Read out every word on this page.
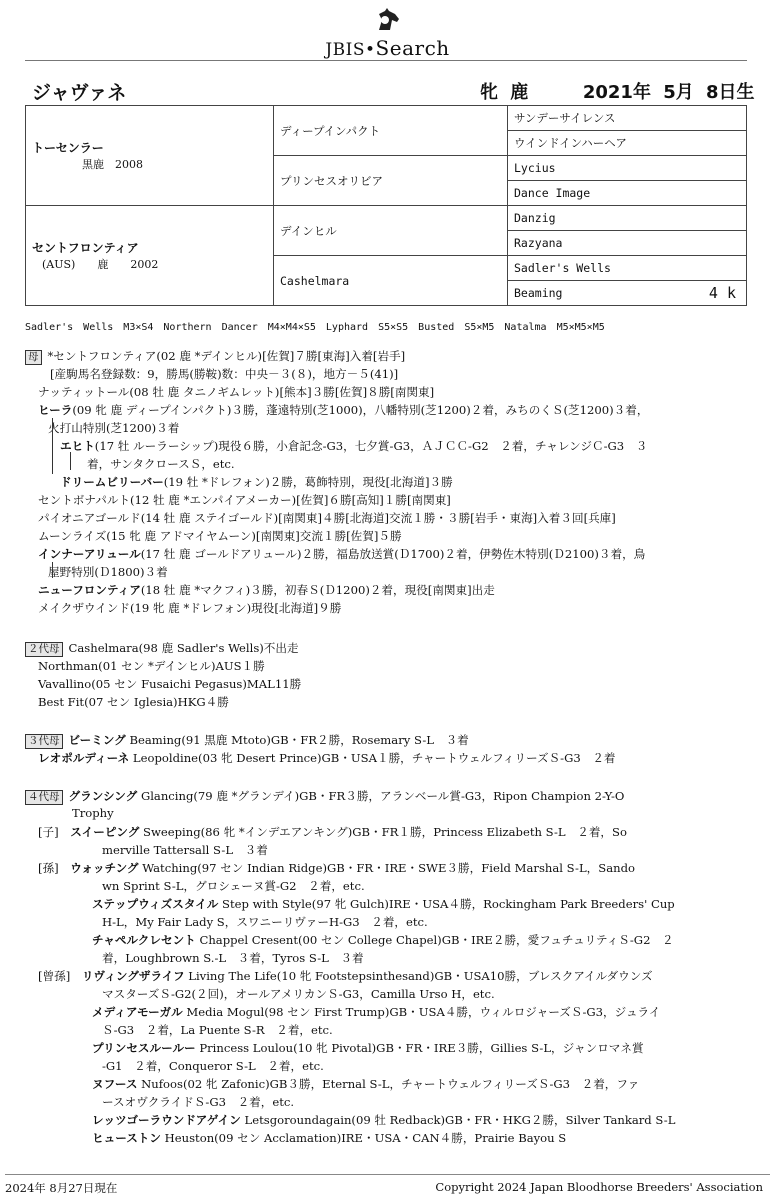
JBIS•Search
ジャヴァネ	牝 鹿	2021年 5月 8日生
トーセンラー
黒鹿　2008	ディープインパクト	サンデーサイレンス
		ウインドインハーヘア
	プリンセスオリビア	Lycius
		Dance Image

セントフロンティア
(AUS)　　鹿　　2002	デインヒル	Danzig
		Razyana
	Cashelmara	Sadler's Wells

		Beaming 4 k
Sadler's Wells M3×S4　Northern Dancer M4×M4×S5　Lyphard S5×S5　Busted S5×M5　Natalma M5×M5×M5
母 *セントフロンティア(02 鹿 *デインヒル)[佐賀]７勝[東海]入着[岩手]
[産駒馬名登録数：9，勝馬(勝鞍)数：中央－３(８)，地方－５(41)]
ナッティットール(08 牡 鹿 タニノギムレット)[熊本]３勝[佐賀]８勝[南関東]
ヒーラ(09 牝 鹿 ディープインパクト)３勝，蓬遠特別(芝1000)，八幡特別(芝1200)２着，みちのくＳ(芝1200)３着，
火打山特別(芝1200)３着
エヒト(17 牡 ルーラーシップ)現役６勝，小倉記念-G3，七夕賞-G3，ＡＪＣＣ-G2　２着，チャレンジＣ-G3　３
着，サンタクロースＳ，etc.
ドリームビリーバー(19 牡 *ドレフォン)２勝，葛飾特別，現役[北海道]３勝
セントボナパルト(12 牡 鹿 *エンパイアメーカー)[佐賀]６勝[高知]１勝[南関東]
パイオニアゴールド(14 牡 鹿 ステイゴールド)[南関東]４勝[北海道]交流１勝・３勝[岩手・東海]入着３回[兵庫]
ムーンライズ(15 牝 鹿 アドマイヤムーン)[南関東]交流１勝[佐賀]５勝
インナーアリュール(17 牡 鹿 ゴールドアリュール)２勝，福島放送賞(Ｄ1700)２着，伊勢佐木特別(Ｄ2100)３着，鳥
屋野特別(Ｄ1800)３着
ニューフロンティア(18 牡 鹿 *マクフィ)３勝，初春Ｓ(Ｄ1200)２着，現役[南関東]出走
メイクザウインド(19 牝 鹿 *ドレフォン)現役[北海道]９勝
２代母 Cashelmara(98 鹿 Sadler's Wells)不出走
Northman(01 セン *デインヒル)AUS１勝
Vavallino(05 セン Fusaichi Pegasus)MAL11勝
Best Fit(07 セン Iglesia)HKG４勝
３代母 ビーミング Beaming(91 黒鹿 Mtoto)GB・FR２勝，Rosemary S-L　３着
レオポルディーネ Leopoldine(03 牝 Desert Prince)GB・USA１勝，チャートウェルフィリーズＳ-G3　２着
４代母 グランシング Glancing(79 鹿 *グランデイ)GB・FR３勝，アランベール賞-G3，Ripon Champion 2-Y-O
Trophy
[子]　スイーピング Sweeping(86 牝 *インデエアンキング)GB・FR１勝，Princess Elizabeth S-L　２着，So
merville Tattersall S-L　３着
[孫]　ウォッチング Watching(97 セン Indian Ridge)GB・FR・IRE・SWE３勝，Field Marshal S-L，Sando
wn Sprint S-L，グロシェーヌ賞-G2　２着，etc.
ステップウィズスタイル Step with Style(97 牝 Gulch)IRE・USA４勝，Rockingham Park Breeders' Cup
H-L，My Fair Lady S，スワニーリヴァーH-G3　２着，etc.
チャペルクレセント Chappel Cresent(00 セン College Chapel)GB・IRE２勝，愛フュチュリティＳ-G2　２
着，Loughbrown S.-L　３着，Tyros S-L　３着
[曾孫]　リヴィングザライフ Living The Life(10 牝 Footstepsinthesand)GB・USA10勝，ブレスクアイルダウンズ
マスターズＳ-G2(２回)，オールアメリカンＳ-G3，Camilla Urso H，etc.
メディアモーガル Media Mogul(98 セン First Trump)GB・USA４勝，ウィルロジャーズＳ-G3，ジュライ
Ｓ-G3　２着，La Puente S-R　２着，etc.
プリンセスルールー Princess Loulou(10 牝 Pivotal)GB・FR・IRE３勝，Gillies S-L，ジャンロマネ賞
-G1　２着，Conqueror S-L　２着，etc.
ヌフース Nufoos(02 牝 Zafonic)GB３勝，Eternal S-L，チャートウェルフィリーズＳ-G3　２着，ファ
ースオヴクライドＳ-G3　２着，etc.
レッツゴーラウンドアゲイン Letsgoroundagain(09 牡 Redback)GB・FR・HKG２勝，Silver Tankard S-L
ヒューストン Heuston(09 セン Acclamation)IRE・USA・CAN４勝，Prairie Bayou S
2024年 8月27日現在	Copyright 2024 Japan Bloodhorse Breeders' Association
